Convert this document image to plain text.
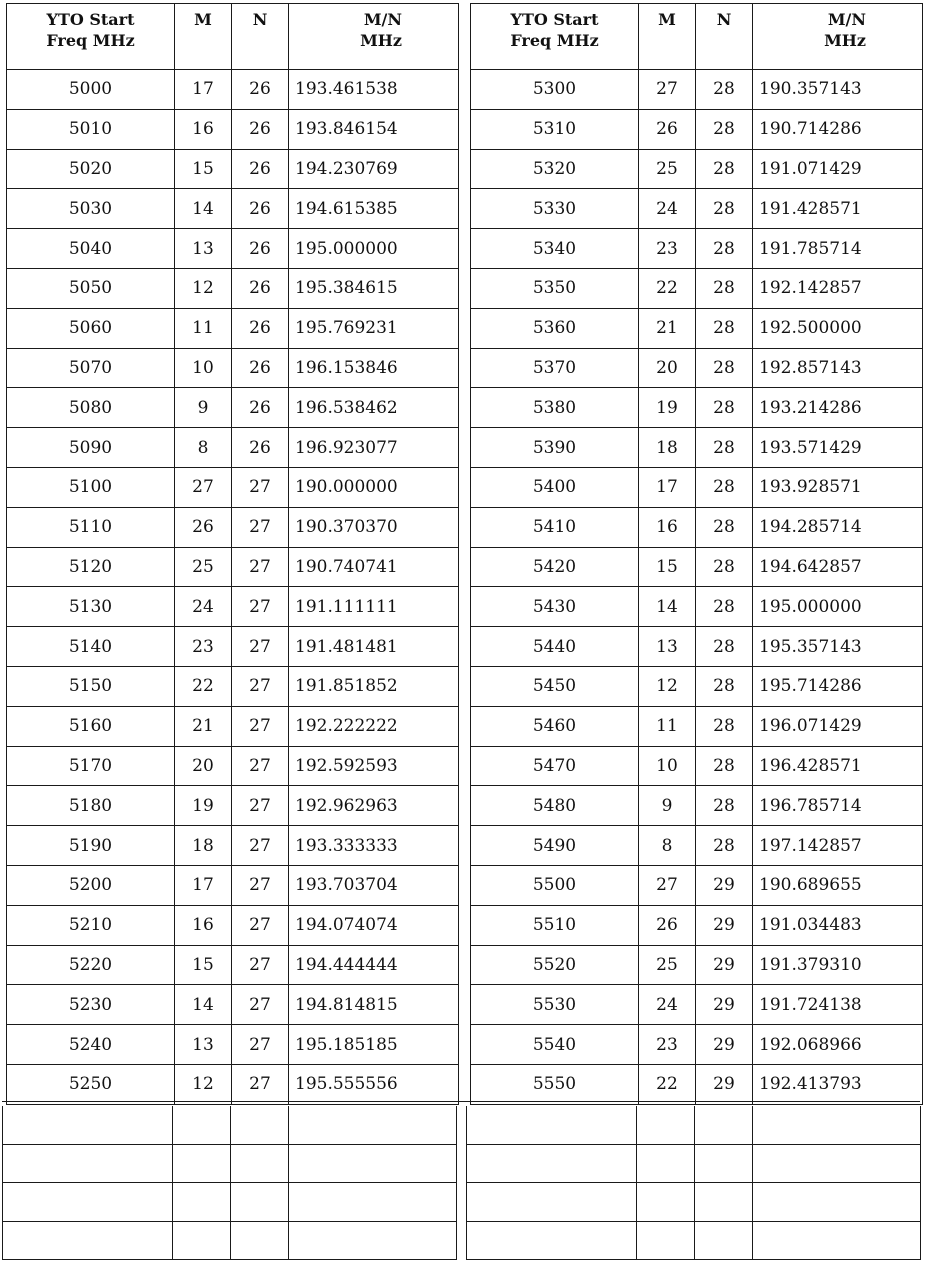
YTO Start
Freq MHz	M	N	M/N
MHz
5000	17	26	193.461538
5010	16	26	193.846154
5020	15	26	194.230769
5030	14	26	194.615385
5040	13	26	195.000000
5050	12	26	195.384615
5060	11	26	195.769231
5070	10	26	196.153846
5080	9	26	196.538462
5090	8	26	196.923077
5100	27	27	190.000000
5110	26	27	190.370370
5120	25	27	190.740741
5130	24	27	191.111111
5140	23	27	191.481481
5150	22	27	191.851852
5160	21	27	192.222222
5170	20	27	192.592593
5180	19	27	192.962963
5190	18	27	193.333333
5200	17	27	193.703704
5210	16	27	194.074074
5220	15	27	194.444444
5230	14	27	194.814815
5240	13	27	195.185185
5250	12	27	195.555556
YTO Start
Freq MHz	M	N	M/N
MHz
5300	27	28	190.357143
5310	26	28	190.714286
5320	25	28	191.071429
5330	24	28	191.428571
5340	23	28	191.785714
5350	22	28	192.142857
5360	21	28	192.500000
5370	20	28	192.857143
5380	19	28	193.214286
5390	18	28	193.571429
5400	17	28	193.928571
5410	16	28	194.285714
5420	15	28	194.642857
5430	14	28	195.000000
5440	13	28	195.357143
5450	12	28	195.714286
5460	11	28	196.071429
5470	10	28	196.428571
5480	9	28	196.785714
5490	8	28	197.142857
5500	27	29	190.689655
5510	26	29	191.034483
5520	25	29	191.379310
5530	24	29	191.724138
5540	23	29	192.068966
5550	22	29	192.413793
